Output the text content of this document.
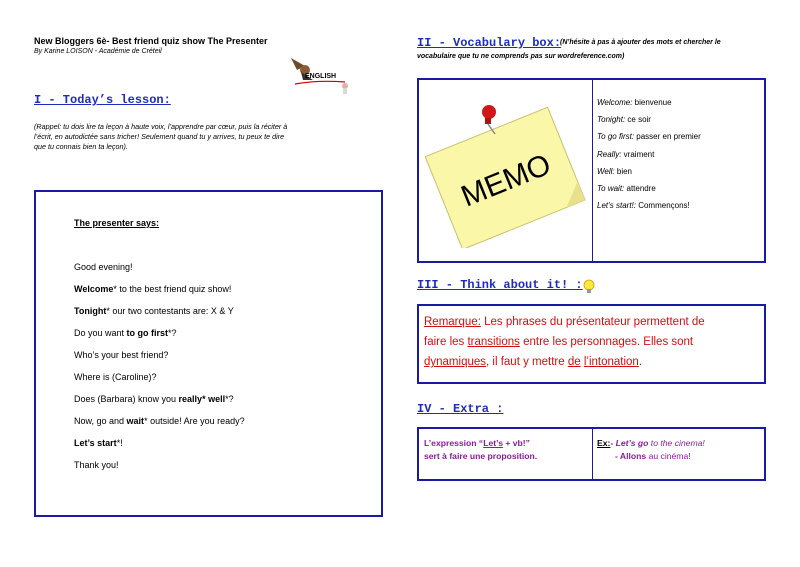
New Bloggers 6è- Best friend quiz show The Presenter
By Karine LOISON - Académie de Créteil
ENGLISH
I - Today’s lesson:
(Rappel: tu dois lire ta leçon à haute voix, l’apprendre par cœur, puis la réciter à
l’écrit, en autodictée sans tricher! Seulement quand tu y arrives, tu peux te dire
que tu connais bien ta leçon).
The presenter says:
Good evening!
Welcome* to the best friend quiz show!
Tonight* our two contestants are: X & Y
Do you want to go first*?
Who’s your best friend?
Where is (Caroline)?
Does (Barbara) know you really* well*?
Now, go and wait* outside! Are you ready?
Let’s start*!
Thank you!
II - Vocabulary box:
(N’hésite à pas à ajouter des mots et chercher le
vocabulaire que tu ne comprends pas sur wordreference.com)
MEMO
Welcome: bienvenue
Tonight: ce soir
To go first: passer en premier
Really: vraiment
Well: bien
To wait: attendre
Let’s start!: Commençons!
III - Think about it! :
Remarque: Les phrases du présentateur permettent de
faire les transitions entre les personnages. Elles sont
dynamiques, il faut y mettre de l’intonation.
IV - Extra :
L’expression “Let’s + vb!”
sert à faire une proposition.
Ex:- Let’s go to the cinema!
- Allons au cinéma!
